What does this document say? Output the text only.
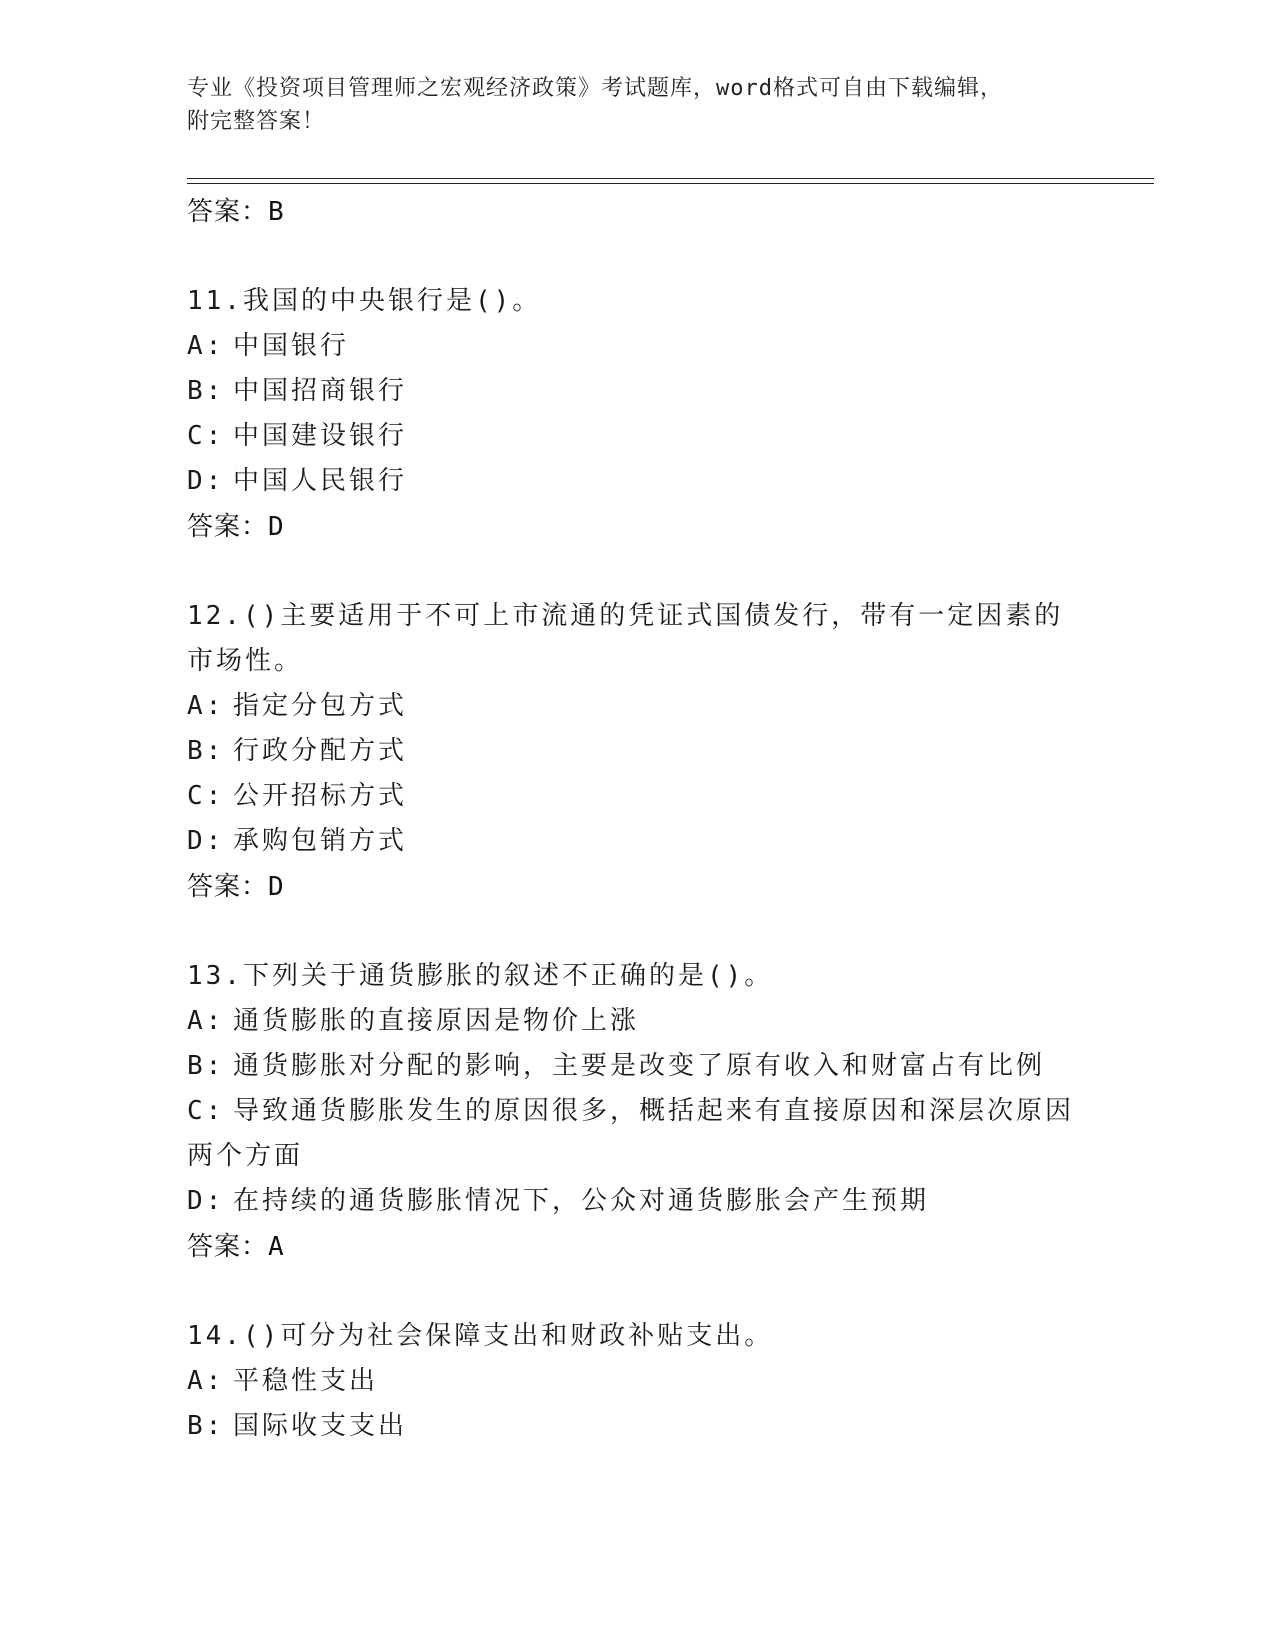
专业《投资项目管理师之宏观经济政策》考试题库，word格式可自由下载编辑，
附完整答案！
答案：B
11.我国的中央银行是()。
A: 中国银行
B: 中国招商银行
C: 中国建设银行
D: 中国人民银行
答案：D
12.()主要适用于不可上市流通的凭证式国债发行，带有一定因素的市场性。
A: 指定分包方式
B: 行政分配方式
C: 公开招标方式
D: 承购包销方式
答案：D
13.下列关于通货膨胀的叙述不正确的是()。
A: 通货膨胀的直接原因是物价上涨
B: 通货膨胀对分配的影响，主要是改变了原有收入和财富占有比例
C: 导致通货膨胀发生的原因很多，概括起来有直接原因和深层次原因两个方面
D: 在持续的通货膨胀情况下，公众对通货膨胀会产生预期
答案：A
14.()可分为社会保障支出和财政补贴支出。
A: 平稳性支出
B: 国际收支支出
